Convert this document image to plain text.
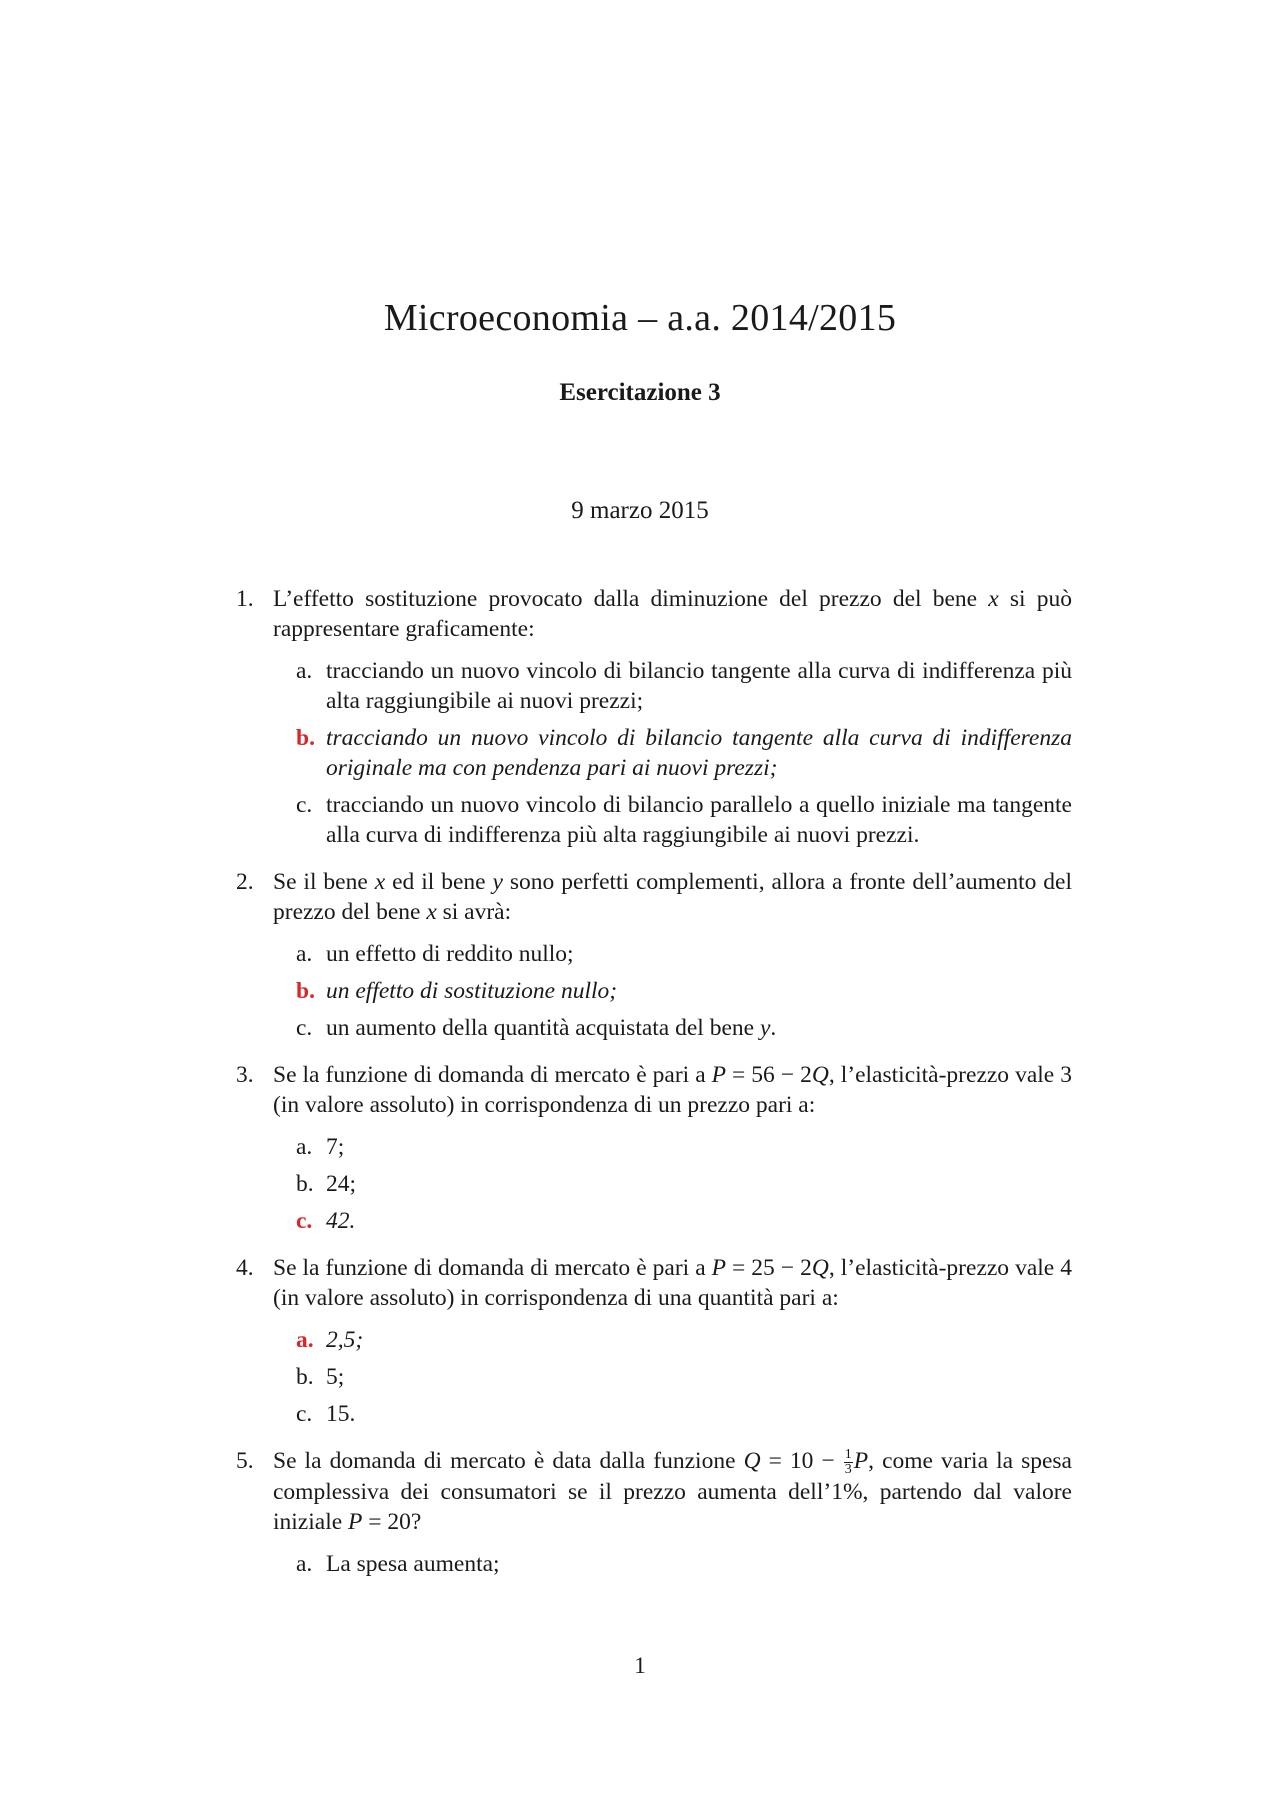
Microeconomia – a.a. 2014/2015
Esercitazione 3
9 marzo 2015
1. L’effetto sostituzione provocato dalla diminuzione del prezzo del bene x si può rappresentare graficamente:
a. tracciando un nuovo vincolo di bilancio tangente alla curva di indifferenza più alta raggiungibile ai nuovi prezzi;
b. tracciando un nuovo vincolo di bilancio tangente alla curva di indifferenza originale ma con pendenza pari ai nuovi prezzi;
c. tracciando un nuovo vincolo di bilancio parallelo a quello iniziale ma tangente alla curva di indifferenza più alta raggiungibile ai nuovi prezzi.
2. Se il bene x ed il bene y sono perfetti complementi, allora a fronte dell’aumento del prezzo del bene x si avrà:
a. un effetto di reddito nullo;
b. un effetto di sostituzione nullo;
c. un aumento della quantità acquistata del bene y.
3. Se la funzione di domanda di mercato è pari a P = 56 − 2Q, l’elasticità-prezzo vale 3 (in valore assoluto) in corrispondenza di un prezzo pari a:
a. 7;
b. 24;
c. 42.
4. Se la funzione di domanda di mercato è pari a P = 25 − 2Q, l’elasticità-prezzo vale 4 (in valore assoluto) in corrispondenza di una quantità pari a:
a. 2,5;
b. 5;
c. 15.
5. Se la domanda di mercato è data dalla funzione $Q = 10 - \frac{1}{3} P$, come varia la spesa complessiva dei consumatori se il prezzo aumenta dell’1%, partendo dal valore iniziale P = 20?
a. La spesa aumenta;
1
